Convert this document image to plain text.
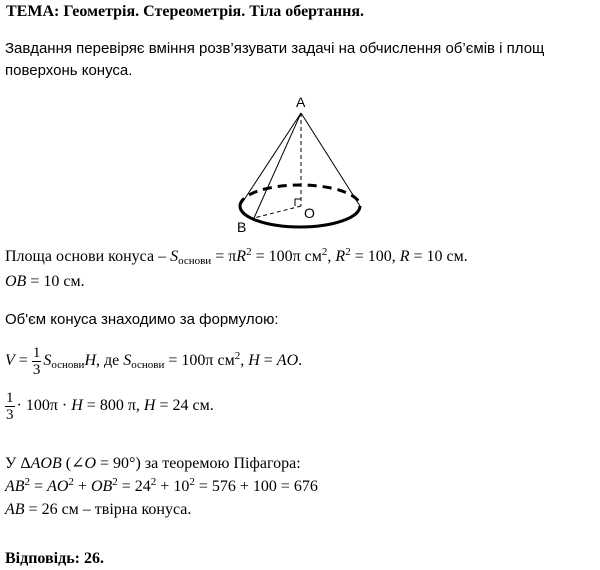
ТЕМА: Геометрія. Стереометрія. Тіла обертання.
Завдання перевіряє вміння розв’язувати задачі на обчислення об’ємів і площ
поверхонь конуса.
A
B
O
Площа основи конуса – $S_{основи} = \pi R^2 = 100\pi$ $см^2$, $R^2 = 100$, R = 10 см.
OB = 10 см.
Об'єм конуса знаходимо за формулою:
$V = \frac{1}{3} S_{основи}H$, де $S_{основи} = 100\pi$ $см^2$, H = AO.
$\frac{1}{3} \cdot 100\pi \cdot H = 800$ π, H = 24 см.
У ΔAOB (∠O = 90°) за теоремою Піфагора:
$AB^2 = AO^2 + OB^2 = 24^2 + 10^2 = 576 + 100 = 676$
AB = 26 см – твірна конуса.
Відповідь: 26.
